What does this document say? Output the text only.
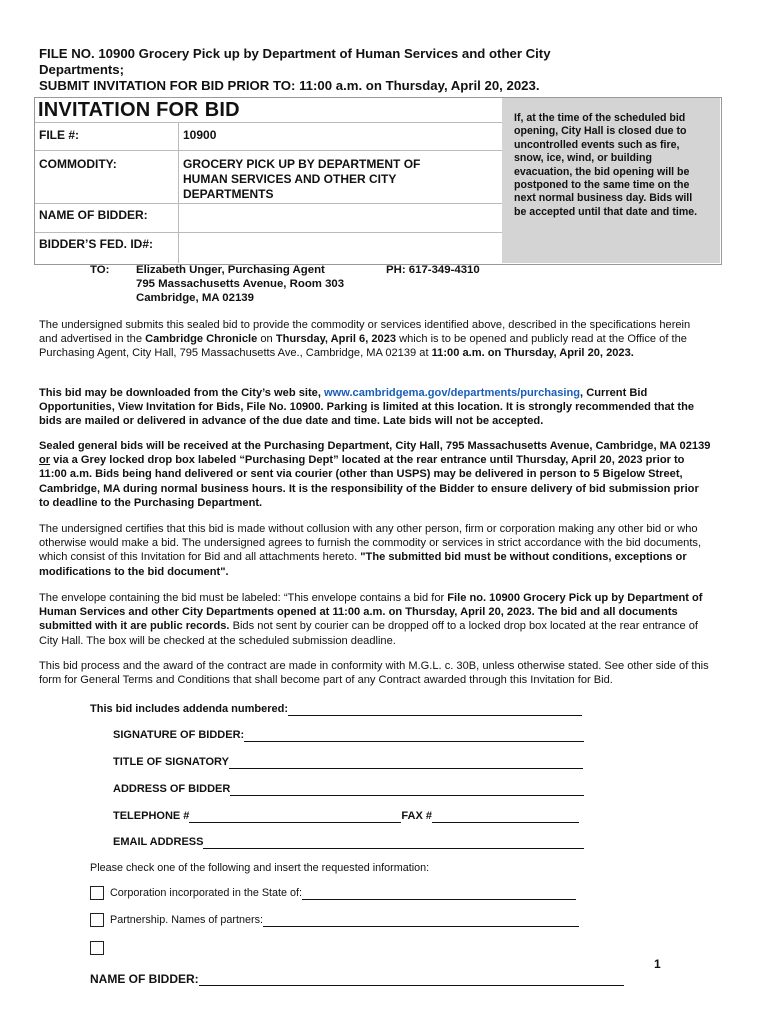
FILE NO. 10900 Grocery Pick up by Department of Human Services and other City
Departments;
SUBMIT INVITATION FOR BID PRIOR TO: 11:00 a.m. on Thursday, April 20, 2023.
INVITATION FOR BID
FILE #:	10900
COMMODITY:	GROCERY PICK UP BY DEPARTMENT OF
HUMAN SERVICES AND OTHER CITY
DEPARTMENTS
NAME OF BIDDER:
BIDDER’S FED. ID#:
If, at the time of the scheduled bid
opening, City Hall is closed due to
uncontrolled events such as fire,
snow, ice, wind, or building
evacuation, the bid opening will be
postponed to the same time on the
next normal business day. Bids will
be accepted until that date and time.
TO: Elizabeth Unger, Purchasing Agent
795 Massachusetts Avenue, Room 303
Cambridge, MA 02139
PH: 617-349-4310
The undersigned submits this sealed bid to provide the commodity or services identified above, described in the specifications herein and advertised in the Cambridge Chronicle on Thursday, April 6, 2023 which is to be opened and publicly read at the Office of the Purchasing Agent, City Hall, 795 Massachusetts Ave., Cambridge, MA 02139 at 11:00 a.m. on Thursday, April 20, 2023.
This bid may be downloaded from the City’s web site, www.cambridgema.gov/departments/purchasing, Current Bid Opportunities, View Invitation for Bids, File No. 10900. Parking is limited at this location. It is strongly recommended that the bids are mailed or delivered in advance of the due date and time. Late bids will not be accepted.
Sealed general bids will be received at the Purchasing Department, City Hall, 795 Massachusetts Avenue, Cambridge, MA 02139 or via a Grey locked drop box labeled “Purchasing Dept” located at the rear entrance until Thursday, April 20, 2023 prior to 11:00 a.m. Bids being hand delivered or sent via courier (other than USPS) may be delivered in person to 5 Bigelow Street, Cambridge, MA during normal business hours. It is the responsibility of the Bidder to ensure delivery of bid submission prior to deadline to the Purchasing Department.
The undersigned certifies that this bid is made without collusion with any other person, firm or corporation making any other bid or who otherwise would make a bid. The undersigned agrees to furnish the commodity or services in strict accordance with the bid documents, which consist of this Invitation for Bid and all attachments hereto. "The submitted bid must be without conditions, exceptions or modifications to the bid document".
The envelope containing the bid must be labeled: “This envelope contains a bid for File no. 10900 Grocery Pick up by Department of Human Services and other City Departments opened at 11:00 a.m. on Thursday, April 20, 2023. The bid and all documents submitted with it are public records. Bids not sent by courier can be dropped off to a locked drop box located at the rear entrance of City Hall. The box will be checked at the scheduled submission deadline.
This bid process and the award of the contract are made in conformity with M.G.L. c. 30B, unless otherwise stated. See other side of this form for General Terms and Conditions that shall become part of any Contract awarded through this Invitation for Bid.
This bid includes addenda numbered:
SIGNATURE OF BIDDER:
TITLE OF SIGNATORY
ADDRESS OF BIDDER
TELEPHONE #	FAX #
EMAIL ADDRESS
Please check one of the following and insert the requested information:
Corporation incorporated in the State of:
Partnership. Names of partners:
1
NAME OF BIDDER:
